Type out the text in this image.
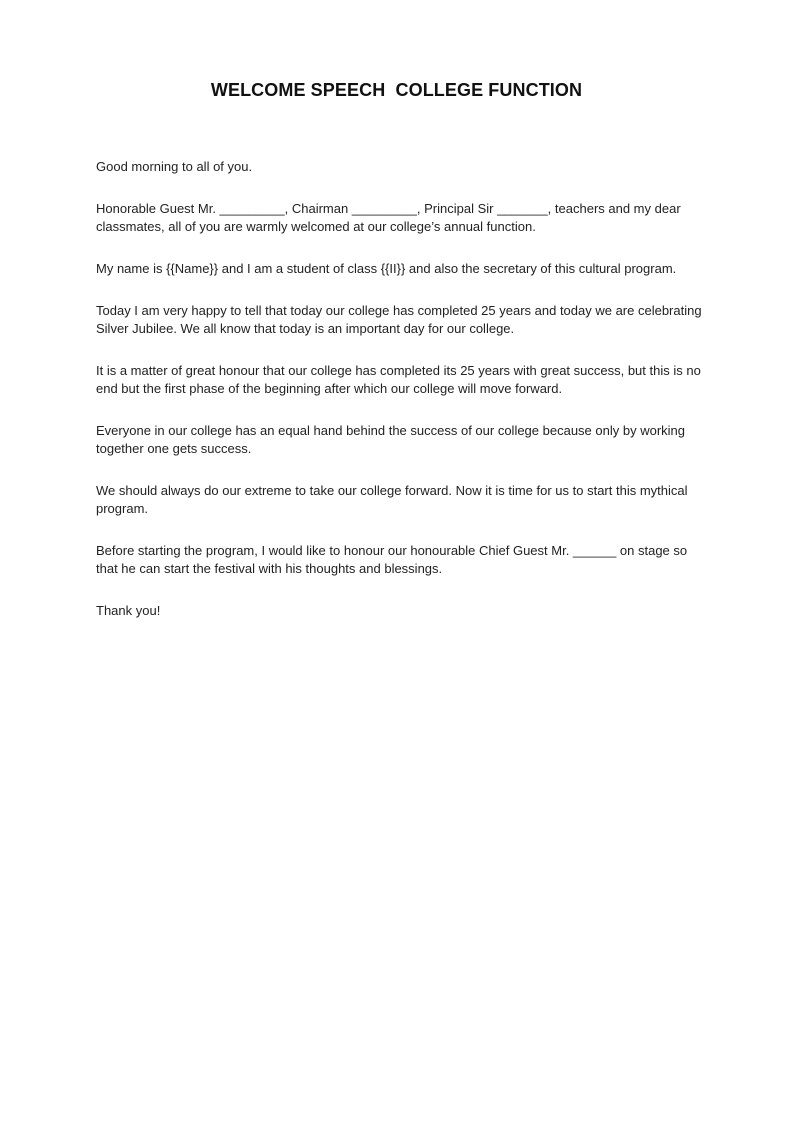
WELCOME SPEECH  COLLEGE FUNCTION

Good morning to all of you.

Honorable Guest Mr. _________, Chairman _________, Principal Sir _______, teachers and my dear classmates, all of you are warmly welcomed at our college’s annual function.

My name is {{Name}} and I am a student of class {{II}} and also the secretary of this cultural program.

Today I am very happy to tell that today our college has completed 25 years and today we are celebrating Silver Jubilee. We all know that today is an important day for our college.

It is a matter of great honour that our college has completed its 25 years with great success, but this is no end but the first phase of the beginning after which our college will move forward.

Everyone in our college has an equal hand behind the success of our college because only by working together one gets success.

We should always do our extreme to take our college forward. Now it is time for us to start this mythical program.

Before starting the program, I would like to honour our honourable Chief Guest Mr. ______ on stage so that he can start the festival with his thoughts and blessings.

Thank you!
